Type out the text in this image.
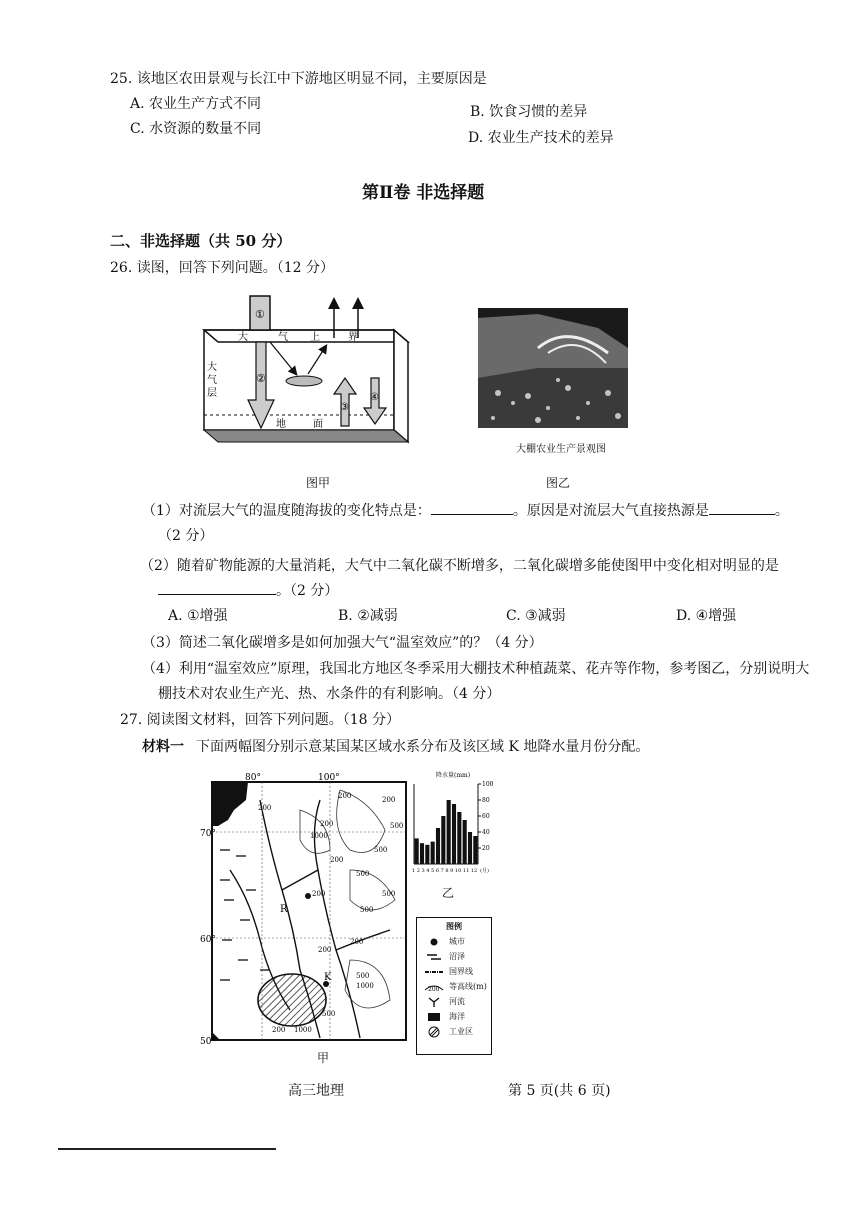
25. 该地区农田景观与长江中下游地区明显不同，主要原因是
A. 农业生产方式不同	B. 饮食习惯的差异
C. 水资源的数量不同
D. 农业生产技术的差异
第Ⅱ卷 非选择题
二、非选择题（共 50 分）
26. 读图，回答下列问题。（12 分）
①
②
③
④
大	气 上	界
大
气
层
地	面
图甲
大棚农业生产景观图
图乙
（1）对流层大气的温度随海拔的变化特点是：	。原因是对流层大气直接热源是	。
（2 分）
（2）随着矿物能源的大量消耗，大气中二氧化碳不断增多，二氧化碳增多能使图甲中变化相对明显的是
。（2 分）
A. ①增强	B. ②减弱	C. ③减弱	D. ④增强
（3）简述二氧化碳增多是如何加强大气“温室效应”的？（4 分）
（4）利用“温室效应”原理，我国北方地区冬季采用大棚技术种植蔬菜、花卉等作物，参考图乙，分别说明大
棚技术对农业生产光、热、水条件的有利影响。（4 分）
27. 阅读图文材料，回答下列问题。（18 分）
材料一 下面两幅图分别示意某国某区域水系分布及该区域 K 地降水量月份分配。
80°	100°
70°
60°
50°
R
K
200
200	200
200
1000
500
500
500
200
500
200
500
200
200
500
1000
200 1000
500
甲
降水量(mm)
100
80
60
40
20
1 2 3 4 5 6 7 8 9 10 11 12 (月)
乙
图例
城市
沼泽
国界线
200 等高线(m)
河流
海洋
工业区
高三地理	第 5 页(共 6 页)
